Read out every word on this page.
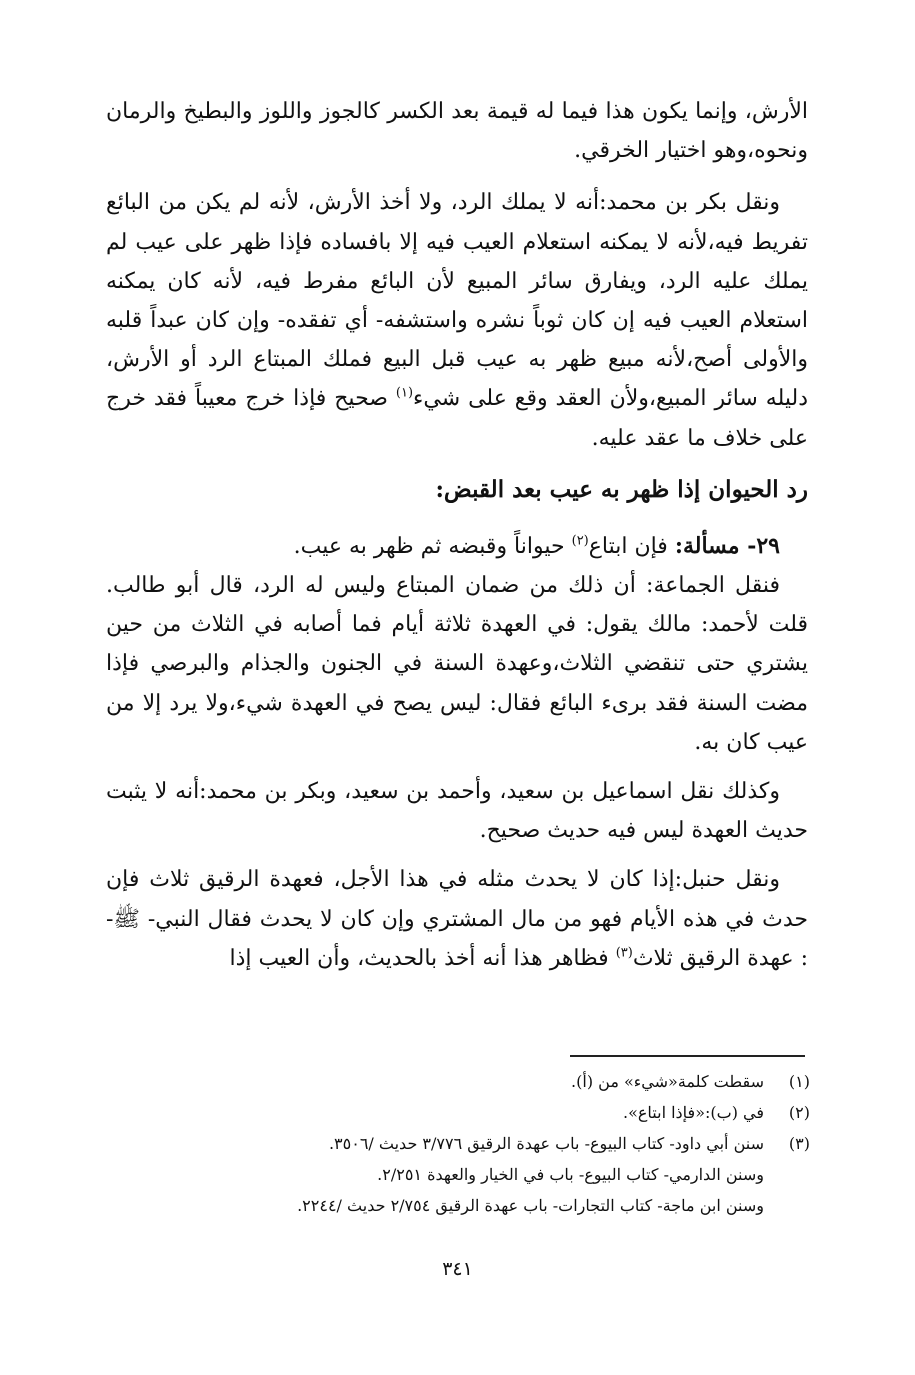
الأرش، وإنما يكون هذا فيما له قيمة بعد الكسر كالجوز واللوز والبطيخ والرمان ونحوه،وهو اختيار الخرقي.

ونقل بكر بن محمد:أنه لا يملك الرد، ولا أخذ الأرش، لأنه لم يكن من البائع تفريط فيه،لأنه لا يمكنه استعلام العيب فيه إلا بافساده فإذا ظهر على عيب لم يملك عليه الرد، ويفارق سائر المبيع لأن البائع مفرط فيه، لأنه كان يمكنه استعلام العيب فيه إن كان ثوباً نشره واستشفه- أي تفقده- وإن كان عبداً قلبه والأولى أصح،لأنه مبيع ظهر به عيب قبل البيع فملك المبتاع الرد أو الأرش، دليله سائر المبيع،ولأن العقد وقع على شيء$^{(١)}$ صحيح فإذا خرج معيباً فقد خرج على خلاف ما عقد عليه.

رد الحيوان إذا ظهر به عيب بعد القبض:

٢٩- مسألة: فإن ابتاع$^{(٢)}$ حيواناً وقبضه ثم ظهر به عيب.

فنقل الجماعة: أن ذلك من ضمان المبتاع وليس له الرد، قال أبو طالب. قلت لأحمد: مالك يقول: في العهدة ثلاثة أيام فما أصابه في الثلاث من حين يشتري حتى تنقضي الثلاث،وعهدة السنة في الجنون والجذام والبرصي فإذا مضت السنة فقد برىء البائع فقال: ليس يصح في العهدة شيء،ولا يرد إلا من عيب كان به.

وكذلك نقل اسماعيل بن سعيد، وأحمد بن سعيد، وبكر بن محمد:أنه لا يثبت حديث العهدة ليس فيه حديث صحيح.

ونقل حنبل:إذا كان لا يحدث مثله في هذا الأجل، فعهدة الرقيق ثلاث فإن حدث في هذه الأيام فهو من مال المشتري وإن كان لا يحدث فقال النبي- ﷺ- : عهدة الرقيق ثلاث$^{(٣)}$ فظاهر هذا أنه أخذ بالحديث، وأن العيب إذا

(١)
سقطت كلمة«شيء» من (أ).
(٢)
في (ب):«فإذا ابتاع».
(٣)
سنن أبي داود- كتاب البيوع- باب عهدة الرقيق ٣/٧٧٦ حديث /٣٥٠٦.
وسنن الدارمي- كتاب البيوع- باب في الخيار والعهدة ٢/٢٥١.
وسنن ابن ماجة- كتاب التجارات- باب عهدة الرقيق ٢/٧٥٤ حديث /٢٢٤٤.
٣٤١
